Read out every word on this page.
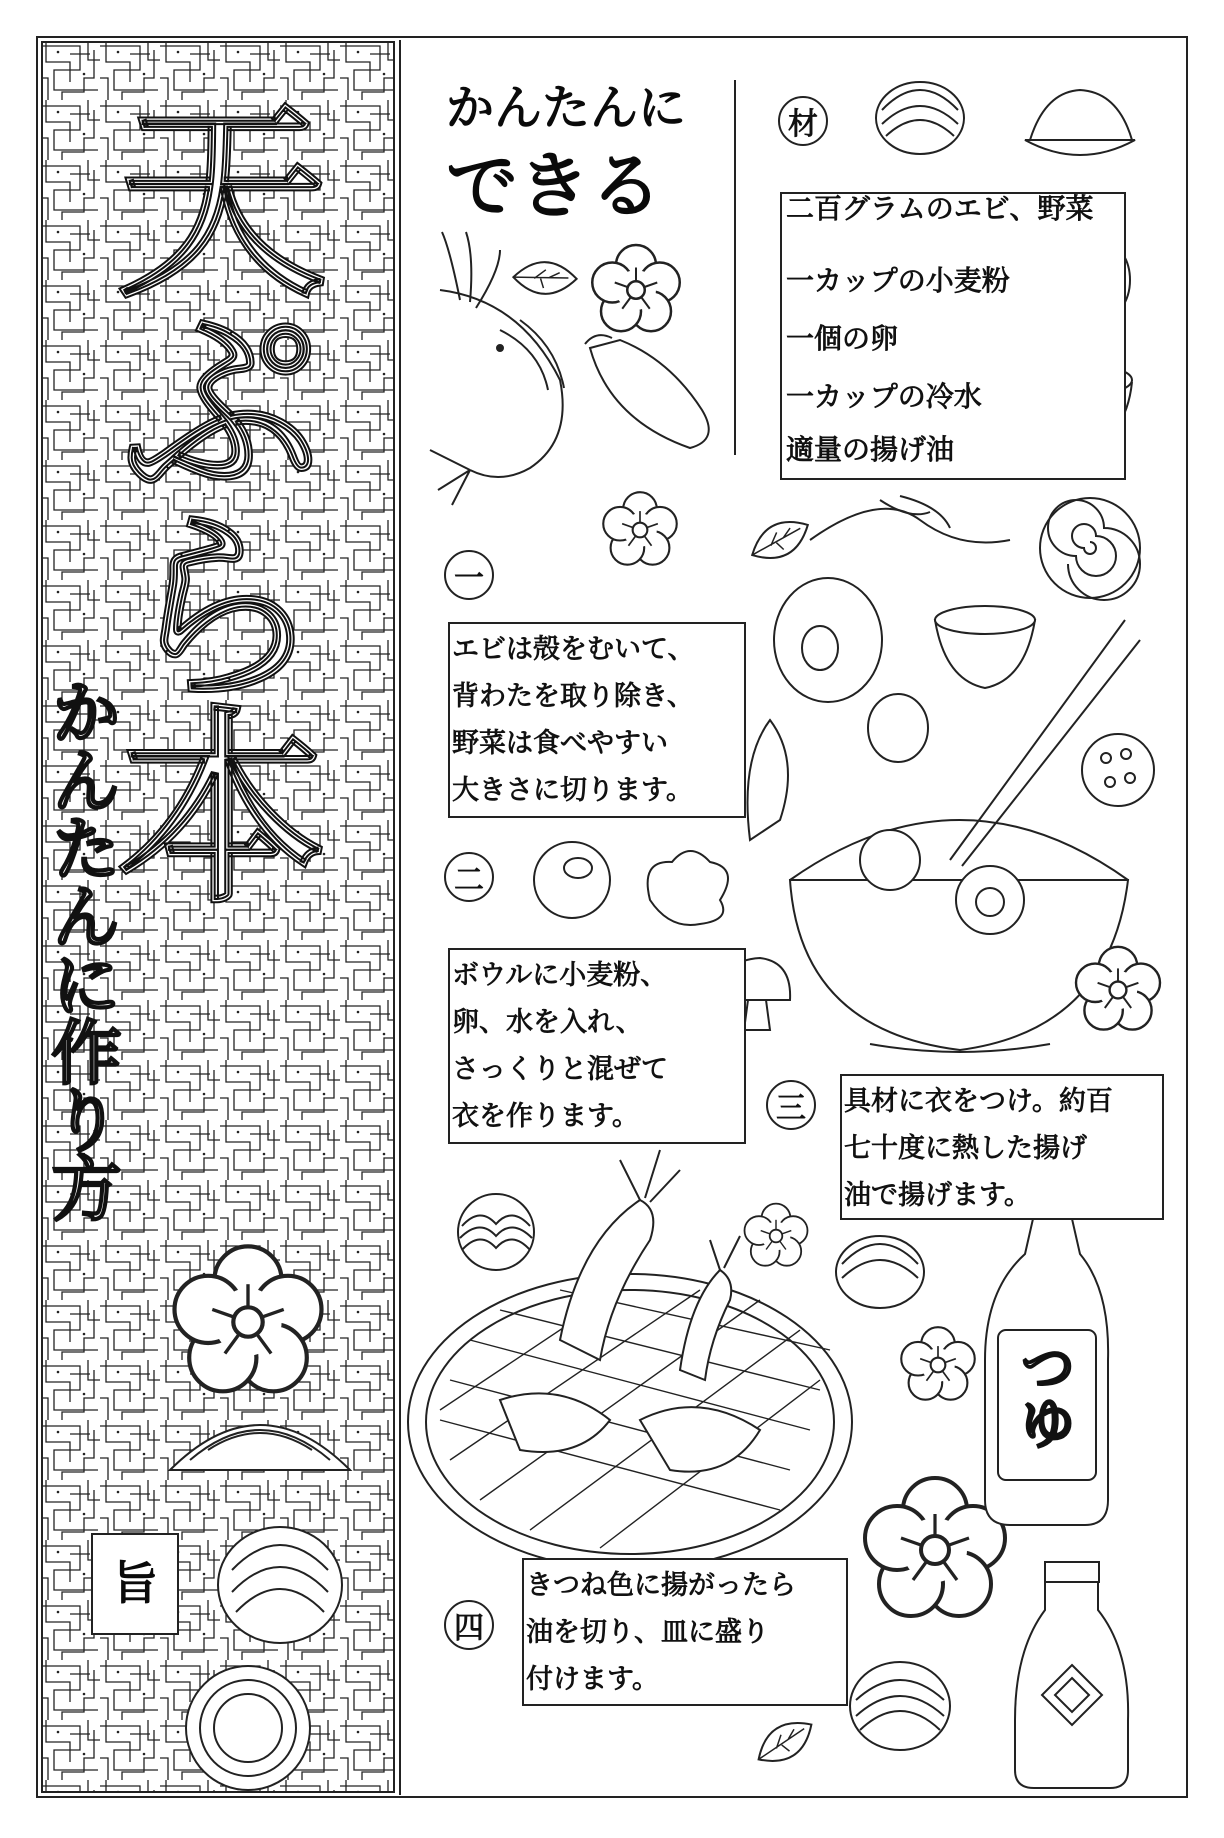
天ぷら本
かんたんに作り方
旨
かんたんに
できる
材
二百グラムのエビ、野菜
一カップの小麦粉
一個の卵
一カップの冷水
適量の揚げ油
一
エビは殻をむいて、
背わたを取り除き、
野菜は食べやすい
大きさに切ります。
二
ボウルに小麦粉、
卵、水を入れ、
さっくりと混ぜて
衣を作ります。	三	具材に衣をつけ。約百
七十度に熱した揚げ
油で揚げます。
つゆ
四
きつね色に揚がったら
油を切り、皿に盛り
付けます。
